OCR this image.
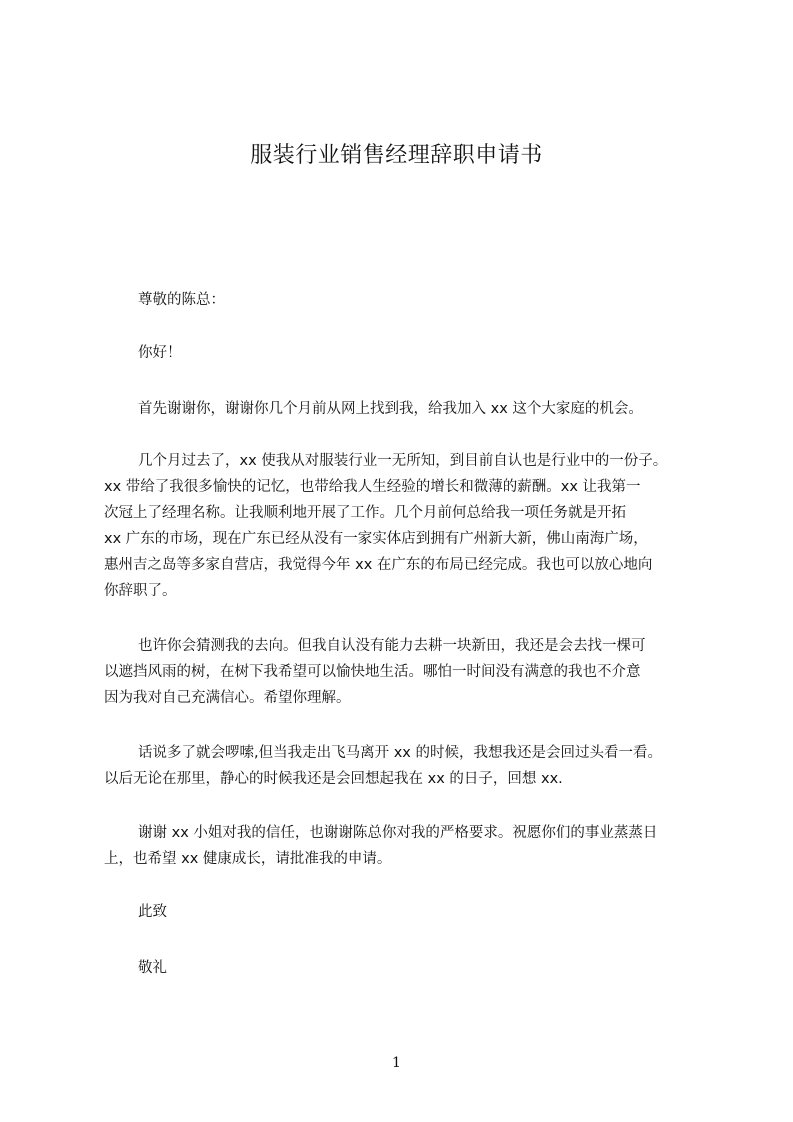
服装行业销售经理辞职申请书

尊敬的陈总：

你好！

首先谢谢你，谢谢你几个月前从网上找到我，给我加入 xx 这个大家庭的机会。

几个月过去了，xx 使我从对服装行业一无所知，到目前自认也是行业中的一份子。
xx 带给了我很多愉快的记忆，也带给我人生经验的增长和微薄的薪酬。xx 让我第一
次冠上了经理名称。让我顺利地开展了工作。几个月前何总给我一项任务就是开拓
xx 广东的市场，现在广东已经从没有一家实体店到拥有广州新大新，佛山南海广场，
惠州吉之岛等多家自营店，我觉得今年 xx 在广东的布局已经完成。我也可以放心地向
你辞职了。

也许你会猜测我的去向。但我自认没有能力去耕一块新田，我还是会去找一棵可
以遮挡风雨的树，在树下我希望可以愉快地生活。哪怕一时间没有满意的我也不介意
因为我对自己充满信心。希望你理解。

话说多了就会啰嗦,但当我走出飞马离开 xx 的时候，我想我还是会回过头看一看。
以后无论在那里，静心的时候我还是会回想起我在 xx 的日子，回想 xx.

谢谢 xx 小姐对我的信任，也谢谢陈总你对我的严格要求。祝愿你们的事业蒸蒸日
上，也希望 xx 健康成长，请批准我的申请。

此致

敬礼

1
